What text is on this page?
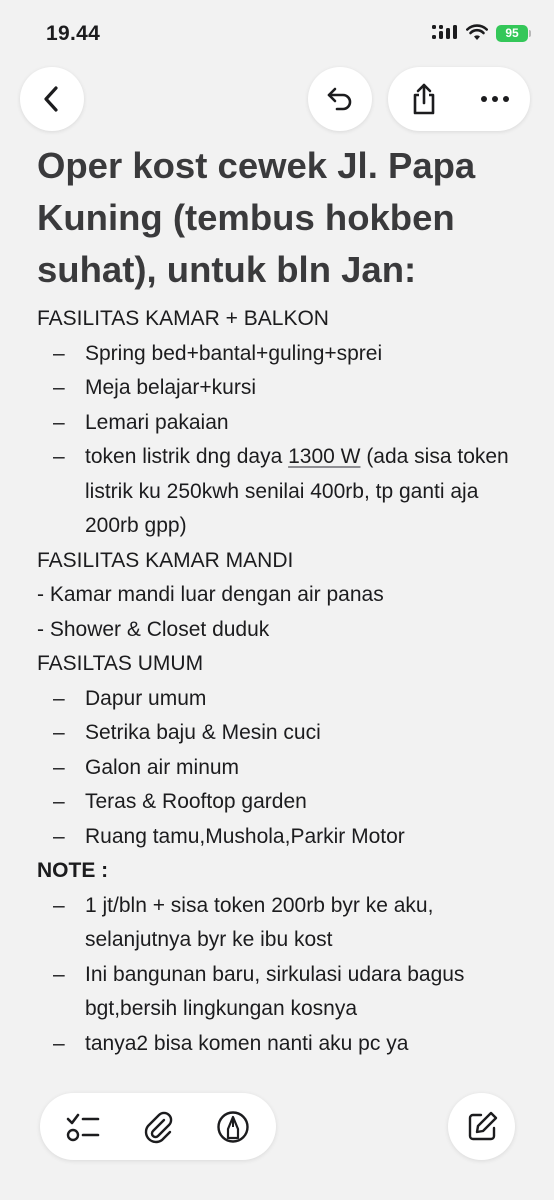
19.44	95
Oper kost cewek Jl. Papa Kuning (tembus hokben suhat), untuk bln Jan:
FASILITAS KAMAR + BALKON
– Spring bed+bantal+guling+sprei
– Meja belajar+kursi
– Lemari pakaian
– token listrik dng daya 1300 W (ada sisa token listrik ku 250kwh senilai 400rb, tp ganti aja 200rb gpp)
FASILITAS KAMAR MANDI
- Kamar mandi luar dengan air panas
- Shower & Closet duduk
FASILTAS UMUM
– Dapur umum
– Setrika baju & Mesin cuci
– Galon air minum
– Teras & Rooftop garden
– Ruang tamu,Mushola,Parkir Motor
NOTE :
– 1 jt/bln + sisa token 200rb byr ke aku, selanjutnya byr ke ibu kost
– Ini bangunan baru, sirkulasi udara bagus bgt,bersih lingkungan kosnya
– tanya2 bisa komen nanti aku pc ya
